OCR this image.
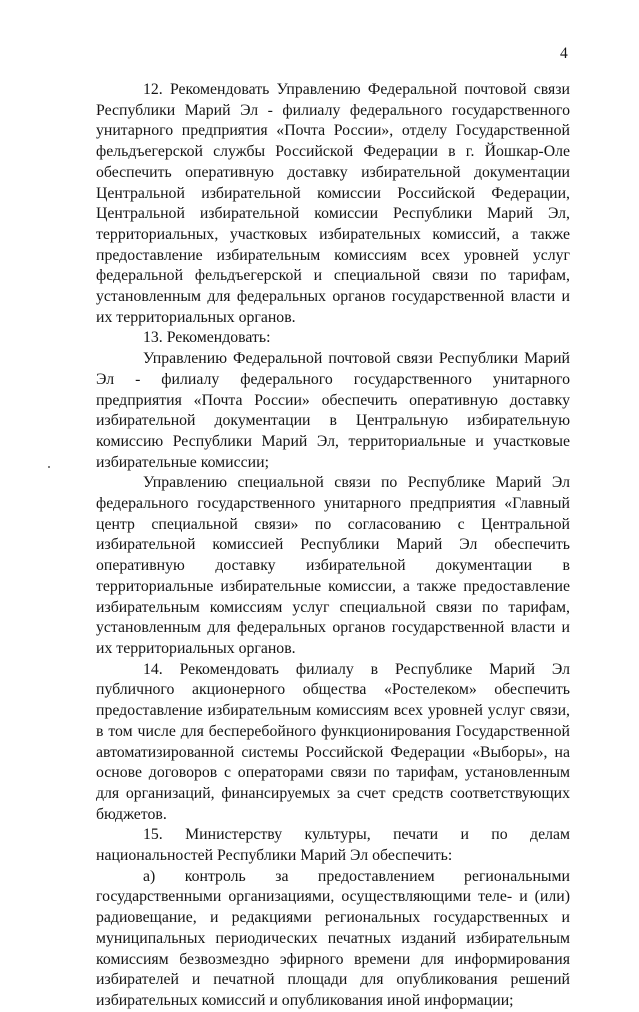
4

12. Рекомендовать Управлению Федеральной почтовой связи Республики Марий Эл - филиалу федерального государственного унитарного предприятия «Почта России», отделу Государственной фельдъегерской службы Российской Федерации в г. Йошкар-Оле обеспечить оперативную доставку избирательной документации Центральной избирательной комиссии Российской Федерации, Центральной избирательной комиссии Республики Марий Эл, территориальных, участковых избирательных комиссий, а также предоставление избирательным комиссиям всех уровней услуг федеральной фельдъегерской и специальной связи по тарифам, установленным для федеральных органов государственной власти и их территориальных органов.

13. Рекомендовать:

Управлению Федеральной почтовой связи Республики Марий Эл - филиалу федерального государственного унитарного предприятия «Почта России» обеспечить оперативную доставку избирательной документации в Центральную избирательную комиссию Республики Марий Эл, территориальные и участковые избирательные комиссии;

Управлению специальной связи по Республике Марий Эл федерального государственного унитарного предприятия «Главный центр специальной связи» по согласованию с Центральной избирательной комиссией Республики Марий Эл обеспечить оперативную доставку избирательной документации в территориальные избирательные комиссии, а также предоставление избирательным комиссиям услуг специальной связи по тарифам, установленным для федеральных органов государственной власти и их территориальных органов.

14. Рекомендовать филиалу в Республике Марий Эл публичного акционерного общества «Ростелеком» обеспечить предоставление избирательным комиссиям всех уровней услуг связи, в том числе для бесперебойного функционирования Государственной автоматизированной системы Российской Федерации «Выборы», на основе договоров с операторами связи по тарифам, установленным для организаций, финансируемых за счет средств соответствующих бюджетов.

15. Министерству культуры, печати и по делам национальностей Республики Марий Эл обеспечить:

а) контроль за предоставлением региональными государственными организациями, осуществляющими теле- и (или) радиовещание, и редакциями региональных государственных и муниципальных периодических печатных изданий избирательным комиссиям безвозмездно эфирного времени для информирования избирателей и печатной площади для опубликования решений избирательных комиссий и опубликования иной информации;
